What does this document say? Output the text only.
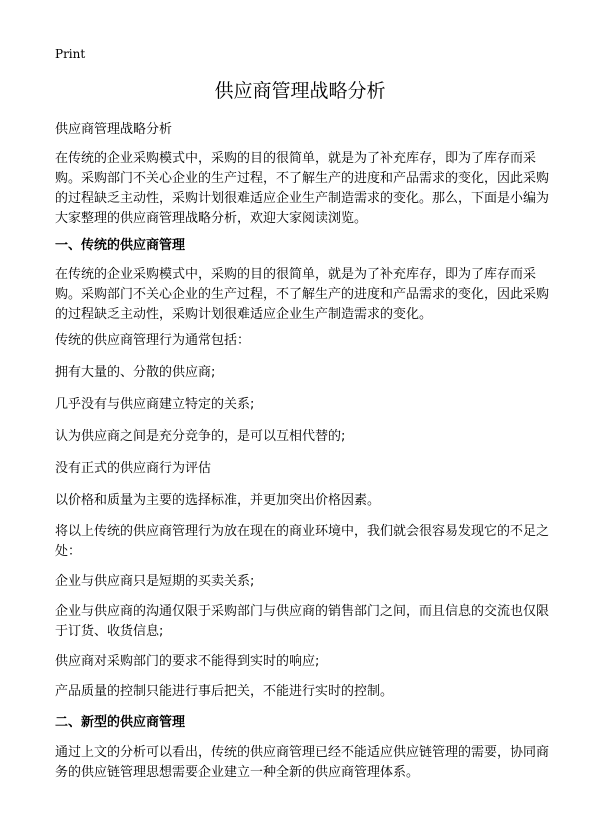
Print

供应商管理战略分析

供应商管理战略分析

在传统的企业采购模式中，采购的目的很简单，就是为了补充库存，即为了库存而采购。采购部门不关心企业的生产过程，不了解生产的进度和产品需求的变化，因此采购的过程缺乏主动性，采购计划很难适应企业生产制造需求的变化。那么，下面是小编为大家整理的供应商管理战略分析，欢迎大家阅读浏览。

一、传统的供应商管理

在传统的企业采购模式中，采购的目的很简单，就是为了补充库存，即为了库存而采购。采购部门不关心企业的生产过程，不了解生产的进度和产品需求的变化，因此采购的过程缺乏主动性，采购计划很难适应企业生产制造需求的变化。

传统的供应商管理行为通常包括：

拥有大量的、分散的供应商;

几乎没有与供应商建立特定的关系;

认为供应商之间是充分竞争的，是可以互相代替的;

没有正式的供应商行为评估

以价格和质量为主要的选择标准，并更加突出价格因素。

将以上传统的供应商管理行为放在现在的商业环境中，我们就会很容易发现它的不足之处：

企业与供应商只是短期的买卖关系;

企业与供应商的沟通仅限于采购部门与供应商的销售部门之间，而且信息的交流也仅限于订货、收货信息;

供应商对采购部门的要求不能得到实时的响应;

产品质量的控制只能进行事后把关，不能进行实时的控制。

二、新型的供应商管理

通过上文的分析可以看出，传统的供应商管理已经不能适应供应链管理的需要，协同商务的供应链管理思想需要企业建立一种全新的供应商管理体系。
